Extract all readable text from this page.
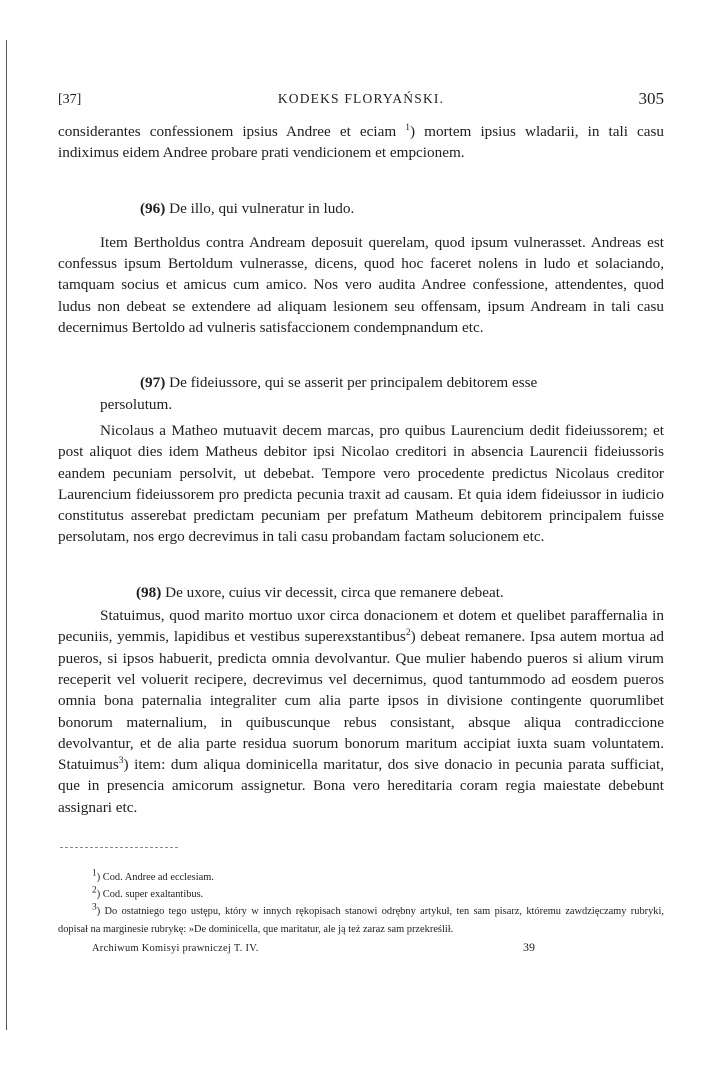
[37]	KODEKS FLORYAŃSKI.	305

considerantes confessionem ipsius Andree et eciam $^1$) mortem ipsius wladarii, in tali casu indiximus eidem Andree probare prati vendicionem et empcionem.

(96) De illo, qui vulneratur in ludo.

Item Bertholdus contra Andream deposuit querelam, quod ipsum vulnerasset. Andreas est confessus ipsum Bertoldum vulnerasse, dicens, quod hoc faceret nolens in ludo et solaciando, tamquam socius et amicus cum amico. Nos vero audita Andree confessione, attendentes, quod ludus non debeat se extendere ad aliquam lesionem seu offensam, ipsum Andream in tali casu decernimus Bertoldo ad vulneris satisfaccionem condempnandum etc.

(97) De fideiussore, qui se asserit per principalem debitorem esse
persolutum.

Nicolaus a Matheo mutuavit decem marcas, pro quibus Laurencium dedit fideiussorem; et post aliquot dies idem Matheus debitor ipsi Nicolao creditori in absencia Laurencii fideiussoris eandem pecuniam persolvit, ut debebat. Tempore vero procedente predictus Nicolaus creditor Laurencium fideiussorem pro predicta pecunia traxit ad causam. Et quia idem fideiussor in iudicio constitutus asserebat predictam pecuniam per prefatum Matheum debitorem principalem fuisse persolutam, nos ergo decrevimus in tali casu probandam factam solucionem etc.

(98) De uxore, cuius vir decessit, circa que remanere debeat.

Statuimus, quod marito mortuo uxor circa donacionem et dotem et quelibet paraffernalia in pecuniis, yemmis, lapidibus et vestibus superexstantibus$^2$) debeat remanere. Ipsa autem mortua ad pueros, si ipsos habuerit, predicta omnia devolvantur. Que mulier habendo pueros si alium virum receperit vel voluerit recipere, decrevimus vel decernimus, quod tantummodo ad eosdem pueros omnia bona paternalia integraliter cum alia parte ipsos in divisione contingente quorumlibet bonorum maternalium, in quibuscunque rebus consistant, absque aliqua contradiccione devolvantur, et de alia parte residua suorum bonorum maritum accipiat iuxta suam voluntatem. Statuimus$^3$) item: dum aliqua dominicella maritatur, dos sive donacio in pecunia parata sufficiat, que in presencia amicorum assignetur. Bona vero hereditaria coram regia maiestate debebunt assignari etc.

$^1$) Cod. Andree ad ecclesiam.
$^2$) Cod. super exaltantibus.
$^3$) Do ostatniego tego ustępu, który w innych rękopisach stanowi odrębny artykuł, ten sam pisarz, któremu zawdzięczamy rubryki, dopisał na marginesie rubrykę: »De dominicella, que maritatur, ale ją też zaraz sam przekreślił.
Archiwum Komisyi prawniczej T. IV.	39
